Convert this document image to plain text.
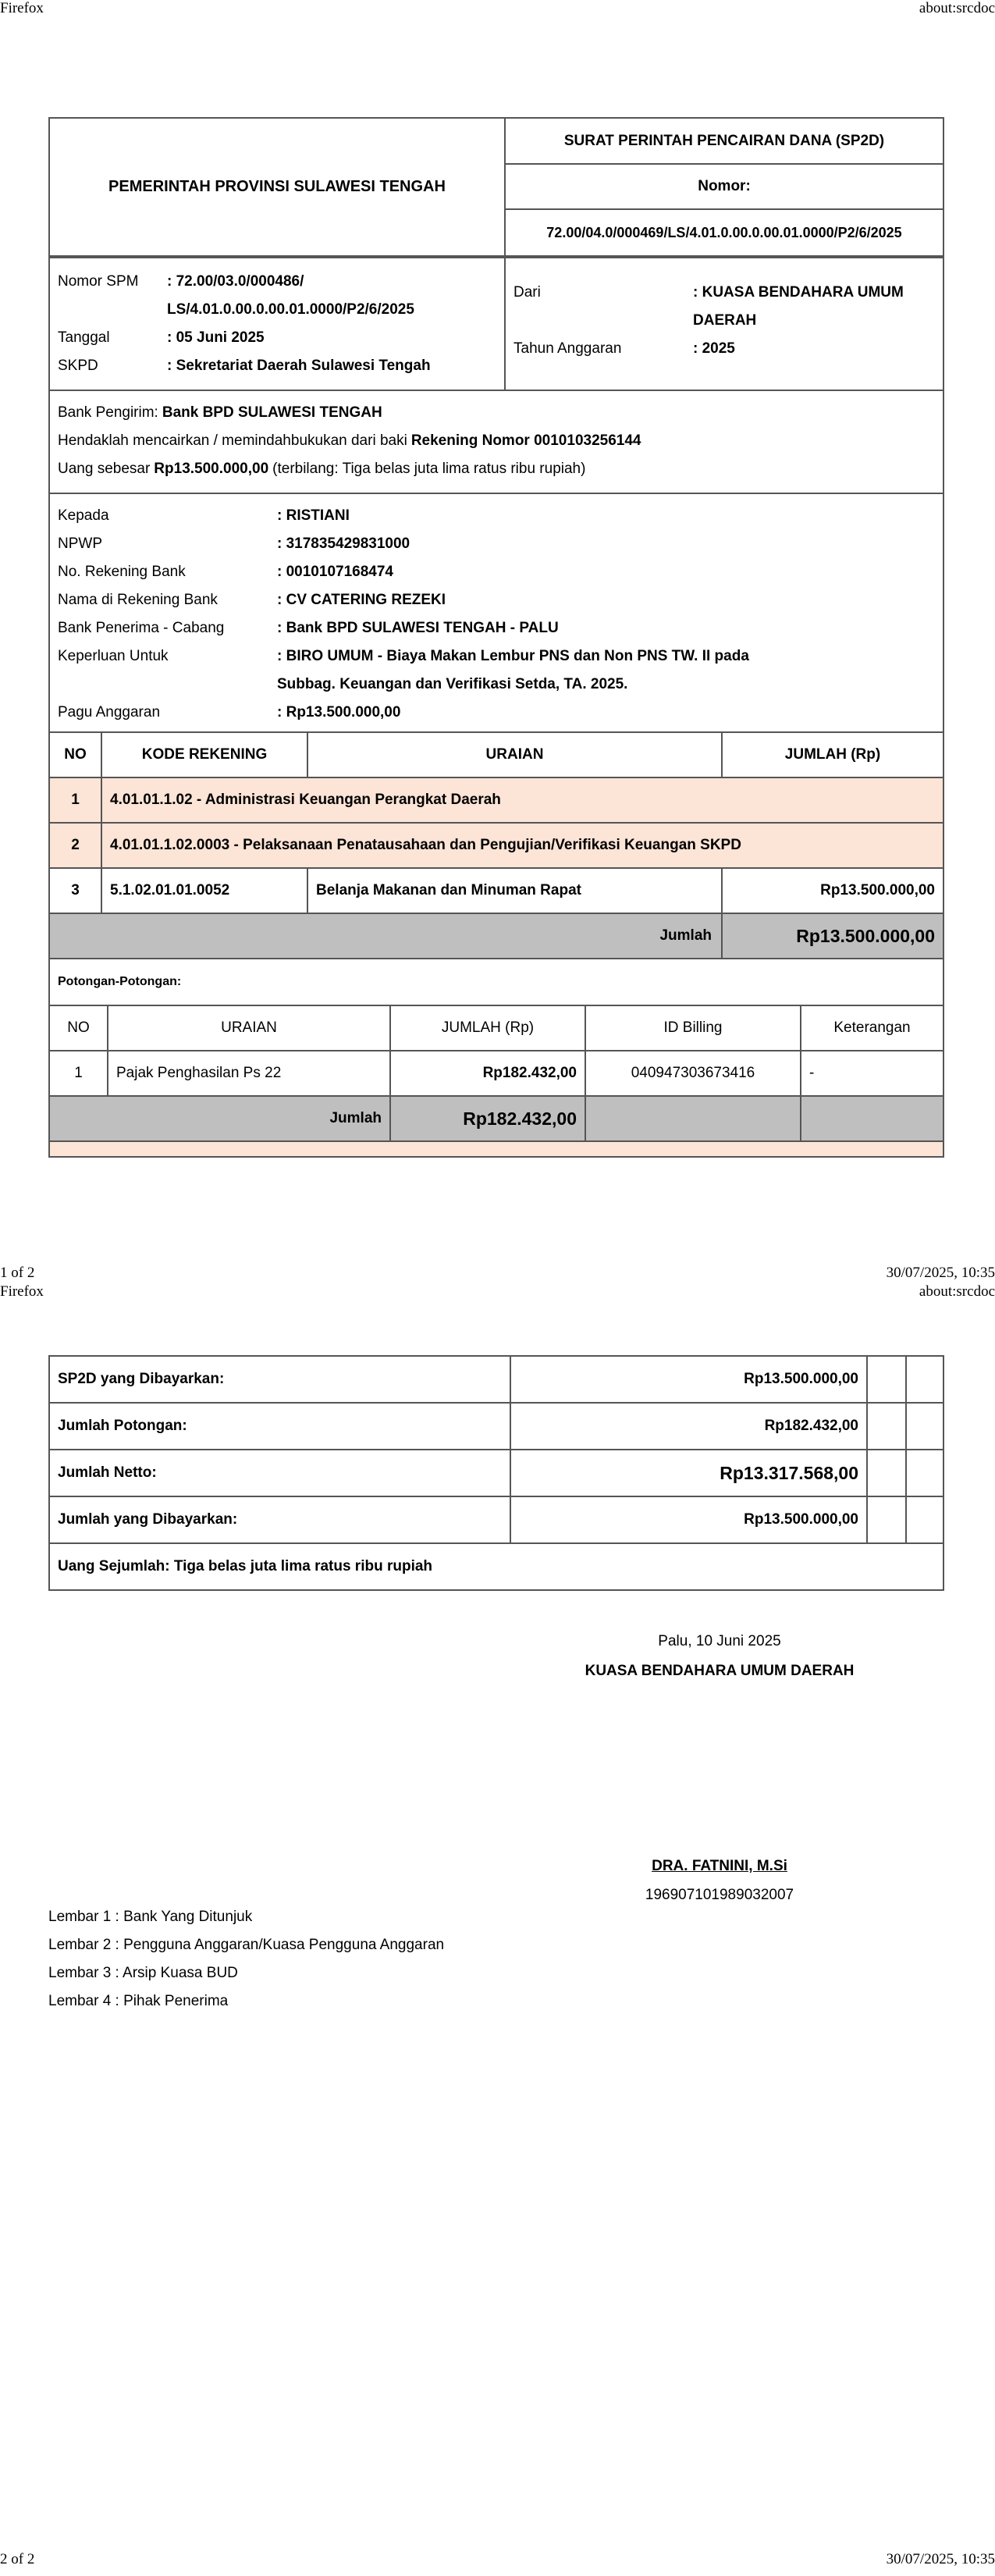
Firefox	about:srcdoc
PEMERINTAH PROVINSI SULAWESI TENGAH	SURAT PERINTAH PENCAIRAN DANA (SP2D)
Nomor:
72.00/04.0/000469/LS/4.01.0.00.0.00.01.0000/P2/6/2025
Nomor SPM	: 72.00/03.0/000486/
LS/4.01.0.00.0.00.01.0000/P2/6/2025
Tanggal	: 05 Juni 2025
SKPD	: Sekretariat Daerah Sulawesi Tengah

Dari	: KUASA BENDAHARA UMUM
DAERAH
Tahun Anggaran	: 2025
Bank Pengirim: Bank BPD SULAWESI TENGAH
Hendaklah mencairkan / memindahbukukan dari baki Rekening Nomor 0010103256144
Uang sebesar Rp13.500.000,00 (terbilang: Tiga belas juta lima ratus ribu rupiah)
Kepada	: RISTIANI
NPWP	: 317835429831000
No. Rekening Bank	: 0010107168474
Nama di Rekening Bank	: CV CATERING REZEKI
Bank Penerima - Cabang	: Bank BPD SULAWESI TENGAH - PALU
Keperluan Untuk	: BIRO UMUM - Biaya Makan Lembur PNS dan Non PNS TW. II pada
Subbag. Keuangan dan Verifikasi Setda, TA. 2025.
Pagu Anggaran	: Rp13.500.000,00
NO	KODE REKENING	URAIAN	JUMLAH (Rp)
1	4.01.01.1.02 - Administrasi Keuangan Perangkat Daerah		
2	4.01.01.1.02.0003 - Pelaksanaan Penatausahaan dan Pengujian/Verifikasi Keuangan SKPD		
3	5.1.02.01.01.0052	Belanja Makanan dan Minuman Rapat	Rp13.500.000,00
Jumlah			Rp13.500.000,00
Potongan-Potongan:
NO	URAIAN	JUMLAH (Rp)	ID Billing	Keterangan
1	Pajak Penghasilan Ps 22	Rp182.432,00	040947303673416	-
Jumlah		Rp182.432,00		
1 of 2	30/07/2025, 10:35
Firefox	about:srcdoc
SP2D yang Dibayarkan:	Rp13.500.000,00		
Jumlah Potongan:	Rp182.432,00		
Jumlah Netto:	Rp13.317.568,00		
Jumlah yang Dibayarkan:	Rp13.500.000,00		
Uang Sejumlah: Tiga belas juta lima ratus ribu rupiah			
Palu, 10 Juni 2025
KUASA BENDAHARA UMUM DAERAH
DRA. FATNINI, M.Si
196907101989032007
Lembar 1 : Bank Yang Ditunjuk
Lembar 2 : Pengguna Anggaran/Kuasa Pengguna Anggaran
Lembar 3 : Arsip Kuasa BUD
Lembar 4 : Pihak Penerima
2 of 2	30/07/2025, 10:35
